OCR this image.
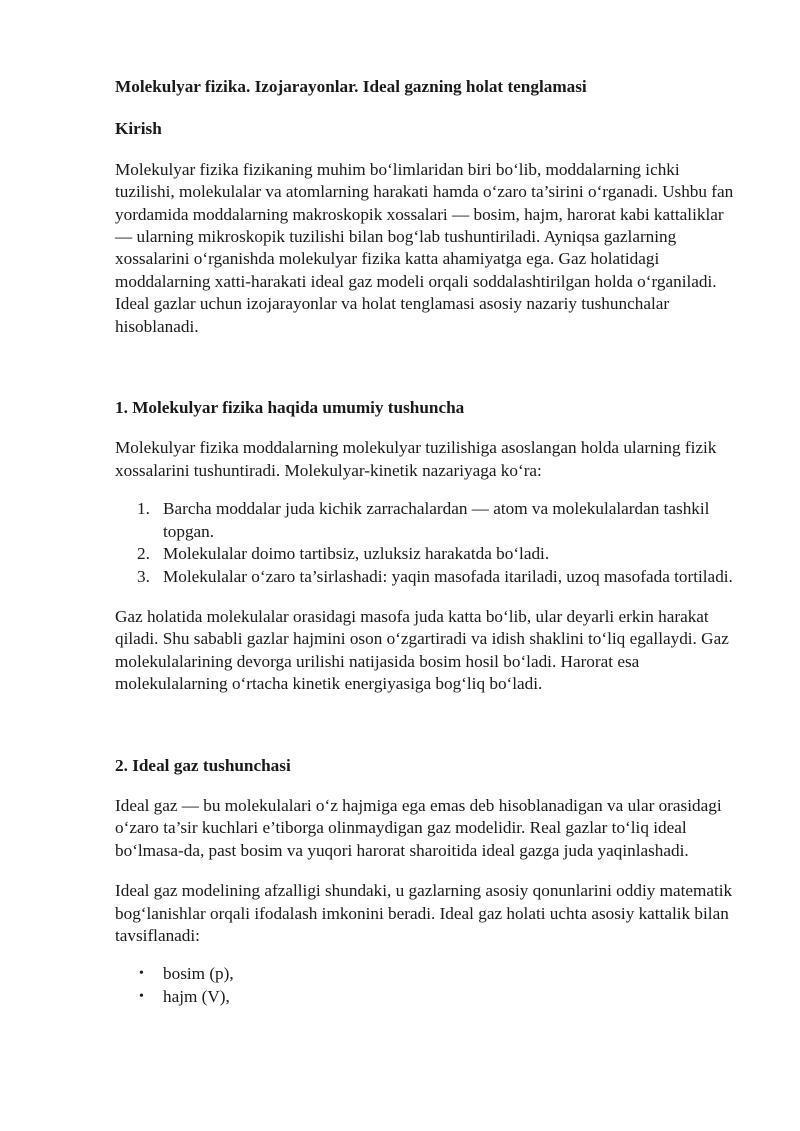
Molekulyar fizika. Izojarayonlar. Ideal gazning holat tenglamasi

Kirish

Molekulyar fizika fizikaning muhim bo‘limlaridan biri bo‘lib, moddalarning ichki tuzilishi, molekulalar va atomlarning harakati hamda o‘zaro ta’sirini o‘rganadi. Ushbu fan yordamida moddalarning makroskopik xossalari — bosim, hajm, harorat kabi kattaliklar — ularning mikroskopik tuzilishi bilan bog‘lab tushuntiriladi. Ayniqsa gazlarning xossalarini o‘rganishda molekulyar fizika katta ahamiyatga ega. Gaz holatidagi moddalarning xatti-harakati ideal gaz modeli orqali soddalashtirilgan holda o‘rganiladi. Ideal gazlar uchun izojarayonlar va holat tenglamasi asosiy nazariy tushunchalar hisoblanadi.

1. Molekulyar fizika haqida umumiy tushuncha

Molekulyar fizika moddalarning molekulyar tuzilishiga asoslangan holda ularning fizik xossalarini tushuntiradi. Molekulyar-kinetik nazariyaga ko‘ra:

1. Barcha moddalar juda kichik zarrachalardan — atom va molekulalardan tashkil topgan.
2. Molekulalar doimo tartibsiz, uzluksiz harakatda bo‘ladi.
3. Molekulalar o‘zaro ta’sirlashadi: yaqin masofada itariladi, uzoq masofada tortiladi.

Gaz holatida molekulalar orasidagi masofa juda katta bo‘lib, ular deyarli erkin harakat qiladi. Shu sababli gazlar hajmini oson o‘zgartiradi va idish shaklini to‘liq egallaydi. Gaz molekulalarining devorga urilishi natijasida bosim hosil bo‘ladi. Harorat esa molekulalarning o‘rtacha kinetik energiyasiga bog‘liq bo‘ladi.

2. Ideal gaz tushunchasi

Ideal gaz — bu molekulalari o‘z hajmiga ega emas deb hisoblanadigan va ular orasidagi o‘zaro ta’sir kuchlari e’tiborga olinmaydigan gaz modelidir. Real gazlar to‘liq ideal bo‘lmasa-da, past bosim va yuqori harorat sharoitida ideal gazga juda yaqinlashadi.

Ideal gaz modelining afzalligi shundaki, u gazlarning asosiy qonunlarini oddiy matematik bog‘lanishlar orqali ifodalash imkonini beradi. Ideal gaz holati uchta asosiy kattalik bilan tavsiflanadi:

• bosim (p),
• hajm (V),
